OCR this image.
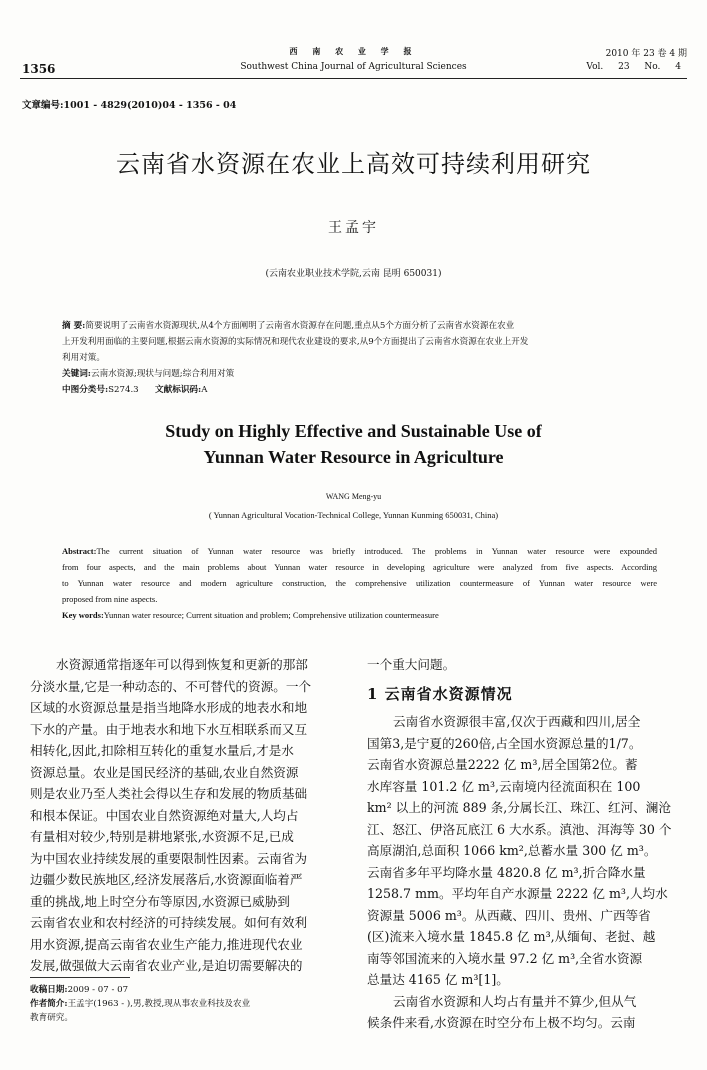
1356
西 南 农 业 学 报
Southwest China Journal of Agricultural Sciences
2010 年 23 卷 4 期
Vol. 23 No. 4
文章编号:1001 - 4829(2010)04 - 1356 - 04
云南省水资源在农业上高效可持续利用研究
王孟宇
(云南农业职业技术学院,云南 昆明 650031)
摘 要:简要说明了云南省水资源现状,从4个方面阐明了云南省水资源存在问题,重点从5个方面分析了云南省水资源在农业
上开发利用面临的主要问题,根据云南水资源的实际情况和现代农业建设的要求,从9个方面提出了云南省水资源在农业上开发
利用对策。
关键词:云南水资源;现状与问题;综合利用对策
中图分类号:S274.3 文献标识码:A
Study on Highly Effective and Sustainable Use of
Yunnan Water Resource in Agriculture
WANG Meng-yu
( Yunnan Agricultural Vocation-Technical College, Yunnan Kunming 650031, China)
Abstract:The current situation of Yunnan water resource was briefly introduced. The problems in Yunnan water resource were expounded
from four aspects, and the main problems about Yunnan water resource in developing agriculture were analyzed from five aspects. According
to Yunnan water resource and modern agriculture construction, the comprehensive utilization countermeasure of Yunnan water resource were
proposed from nine aspects.
Key words:Yunnan water resource; Current situation and problem; Comprehensive utilization countermeasure
水资源通常指逐年可以得到恢复和更新的那部
分淡水量,它是一种动态的、不可替代的资源。一个
区域的水资源总量是指当地降水形成的地表水和地
下水的产量。由于地表水和地下水互相联系而又互
相转化,因此,扣除相互转化的重复水量后,才是水
资源总量。农业是国民经济的基础,农业自然资源
则是农业乃至人类社会得以生存和发展的物质基础
和根本保证。中国农业自然资源绝对量大,人均占
有量相对较少,特别是耕地紧张,水资源不足,已成
为中国农业持续发展的重要限制性因素。云南省为
边疆少数民族地区,经济发展落后,水资源面临着严
重的挑战,地上时空分布等原因,水资源已威胁到
云南省农业和农村经济的可持续发展。如何有效利
用水资源,提高云南省农业生产能力,推进现代农业
发展,做强做大云南省农业产业,是迫切需要解决的
一个重大问题。
1 云南省水资源情况
云南省水资源很丰富,仅次于西藏和四川,居全
国第3,是宁夏的260倍,占全国水资源总量的1/7。
云南省水资源总量2222 亿 m³,居全国第2位。蓄
水库容量 101.2 亿 m³,云南境内径流面积在 100
km² 以上的河流 889 条,分属长江、珠江、红河、澜沧
江、怒江、伊洛瓦底江 6 大水系。滇池、洱海等 30 个
高原湖泊,总面积 1066 km²,总蓄水量 300 亿 m³。
云南省多年平均降水量 4820.8 亿 m³,折合降水量
1258.7 mm。平均年自产水源量 2222 亿 m³,人均水
资源量 5006 m³。从西藏、四川、贵州、广西等省
(区)流来入境水量 1845.8 亿 m³,从缅甸、老挝、越
南等邻国流来的入境水量 97.2 亿 m³,全省水资源
总量达 4165 亿 m³[1]。
云南省水资源和人均占有量并不算少,但从气
候条件来看,水资源在时空分布上极不均匀。云南
收稿日期:2009 - 07 - 07
作者简介:王孟宇(1963 - ),男,教授,现从事农业科技及农业
教育研究。
